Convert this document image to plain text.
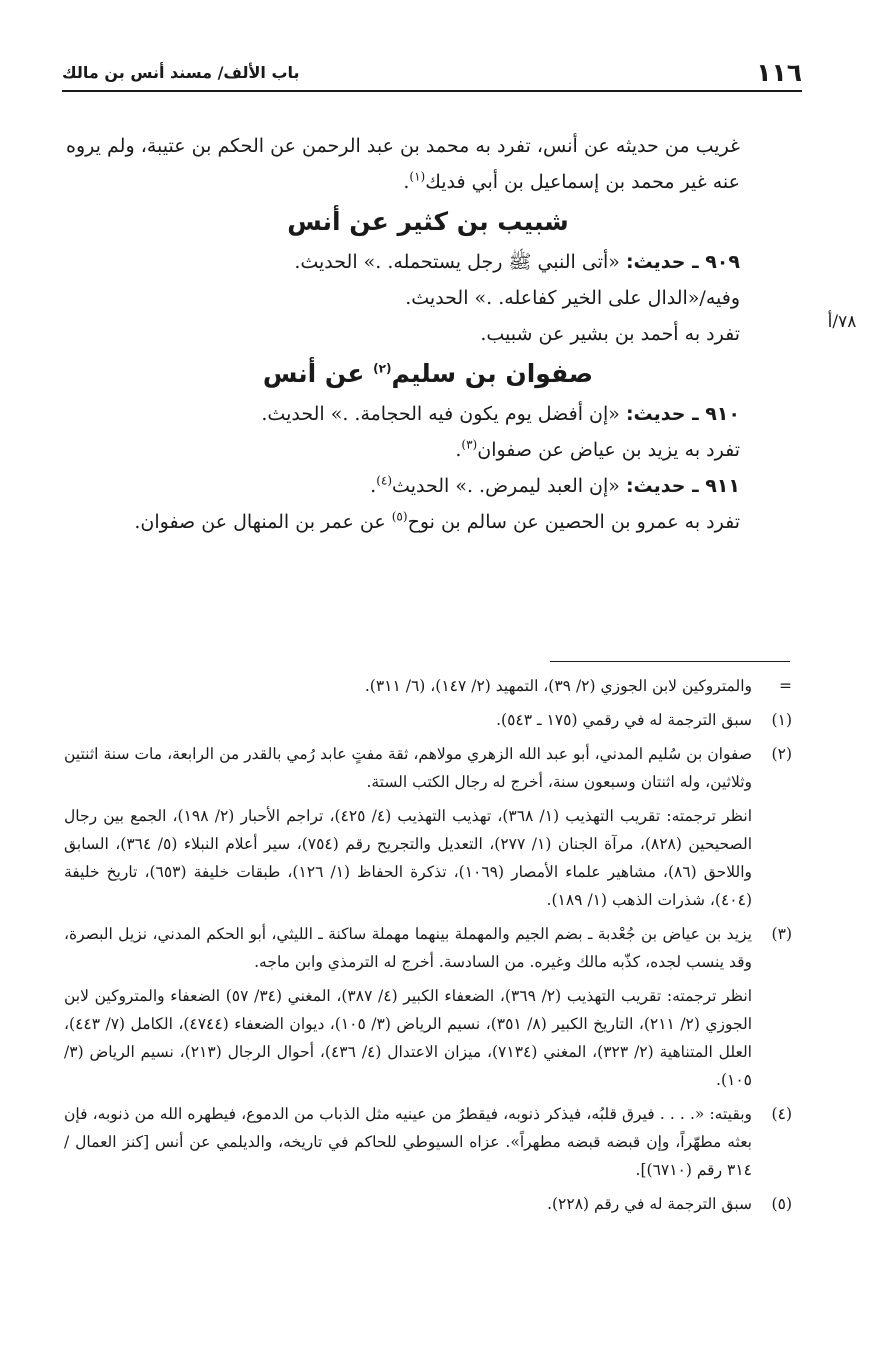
١١٦
باب الألف/ مسند أنس بن مالك
٧٨/أ

غريب من حديثه عن أنس، تفرد به محمد بن عبد الرحمن عن الحكم بن عتيبة، ولم يروه عنه غير محمد بن إسماعيل بن أبي فديك$^{(١)}$.

شبيب بن كثير عن أنس

٩٠٩ ـ حديث: «أتى النبي ﷺ رجل يستحمله. .» الحديث.

وفيه/«الدال على الخير كفاعله. .» الحديث.

تفرد به أحمد بن بشير عن شبيب.

صفوان بن سليم$^{(٢)}$ عن أنس

٩١٠ ـ حديث: «إن أفضل يوم يكون فيه الحجامة. .» الحديث.

تفرد به يزيد بن عياض عن صفوان$^{(٣)}$.

٩١١ ـ حديث: «إن العبد ليمرض. .» الحديث$^{(٤)}$.

تفرد به عمرو بن الحصين عن سالم بن نوح$^{(٥)}$ عن عمر بن المنهال عن صفوان.

=

والمتروكين لابن الجوزي (٢/ ٣٩)، التمهيد (٢/ ١٤٧)، (٦/ ٣١١).

(١)

سبق الترجمة له في رقمي (١٧٥ ـ ٥٤٣).

(٢)

صفوان بن سُليم المدني، أبو عبد الله الزهري مولاهم، ثقة مفتٍ عابد رُمي بالقدر من الرابعة، مات سنة اثنتين وثلاثين، وله اثنتان وسبعون سنة، أخرج له رجال الكتب الستة.

انظر ترجمته: تقريب التهذيب (١/ ٣٦٨)، تهذيب التهذيب (٤/ ٤٢٥)، تراجم الأحبار (٢/ ١٩٨)، الجمع بين رجال الصحيحين (٨٢٨)، مرآة الجنان (١/ ٢٧٧)، التعديل والتجريح رقم (٧٥٤)، سير أعلام النبلاء (٥/ ٣٦٤)، السابق واللاحق (٨٦)، مشاهير علماء الأمصار (١٠٦٩)، تذكرة الحفاظ (١/ ١٢٦)، طبقات خليفة (٦٥٣)، تاريخ خليفة (٤٠٤)، شذرات الذهب (١/ ١٨٩).

(٣)

يزيد بن عياض بن جُعْدبة ـ بضم الجيم والمهملة بينهما مهملة ساكنة ـ الليثي، أبو الحكم المدني، نزيل البصرة، وقد ينسب لجده، كذّبه مالك وغيره. من السادسة. أخرج له الترمذي وابن ماجه.

انظر ترجمته: تقريب التهذيب (٢/ ٣٦٩)، الضعفاء الكبير (٤/ ٣٨٧)، المغني (٣٤/ ٥٧) الضعفاء والمتروكين لابن الجوزي (٢/ ٢١١)، التاريخ الكبير (٨/ ٣٥١)، نسيم الرياض (٣/ ١٠٥)، ديوان الضعفاء (٤٧٤٤)، الكامل (٧/ ٤٤٣)، العلل المتناهية (٢/ ٣٢٣)، المغني (٧١٣٤)، ميزان الاعتدال (٤/ ٤٣٦)، أحوال الرجال (٢١٣)، نسيم الرياض (٣/ ١٠٥).

(٤)

وبقيته: «. . . . فيرق قلبُه، فيذكر ذنوبه، فيقطرُ من عينيه مثل الذباب من الدموع، فيطهره الله من ذنوبه، فإن بعثه مطهّراً، وإن قبضه قبضه مطهراً». عزاه السيوطي للحاكم في تاريخه، والديلمي عن أنس [كنز العمال / ٣١٤ رقم (٦٧١٠)].

(٥)

سبق الترجمة له في رقم (٢٢٨).
